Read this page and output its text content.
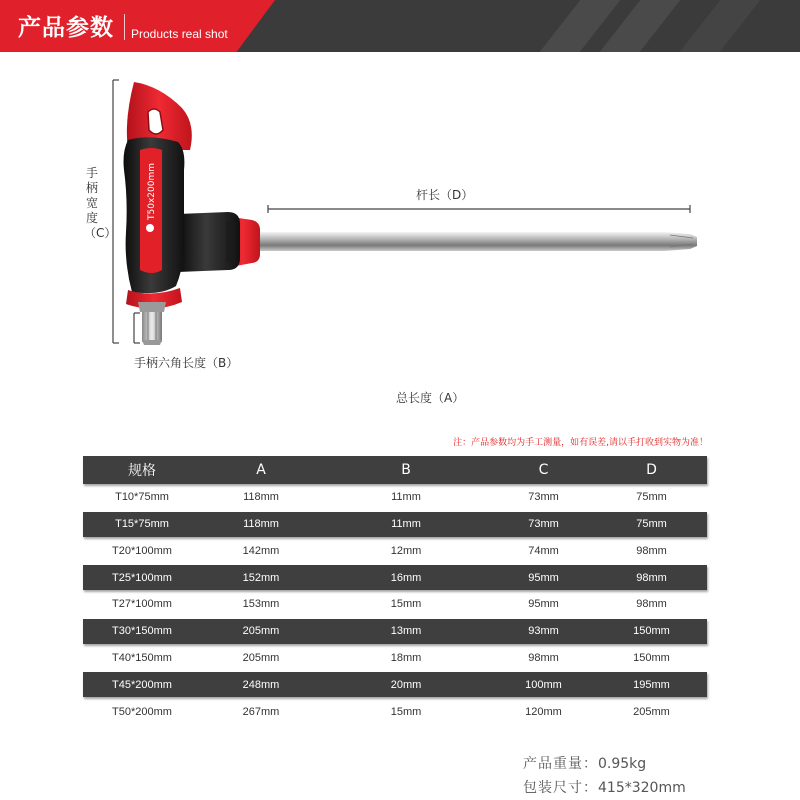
产品参数 Products real shot
T50x200mm	杆长（D）
手柄宽度（C）
手柄六角长度（B）
总长度（A）
注：产品参数均为手工测量，如有误差,请以手打收到实物为准！
规格	A	B	C	D
T10*75mm	118mm	11mm	73mm	75mm
T15*75mm	118mm	11mm	73mm	75mm
T20*100mm	142mm	12mm	74mm	98mm
T25*100mm	152mm	16mm	95mm	98mm
T27*100mm	153mm	15mm	95mm	98mm
T30*150mm	205mm	13mm	93mm	150mm
T40*150mm	205mm	18mm	98mm	150mm
T45*200mm	248mm	20mm	100mm	195mm
T50*200mm	267mm	15mm	120mm	205mm
产品重量：0.95kg
包装尺寸：415*320mm
